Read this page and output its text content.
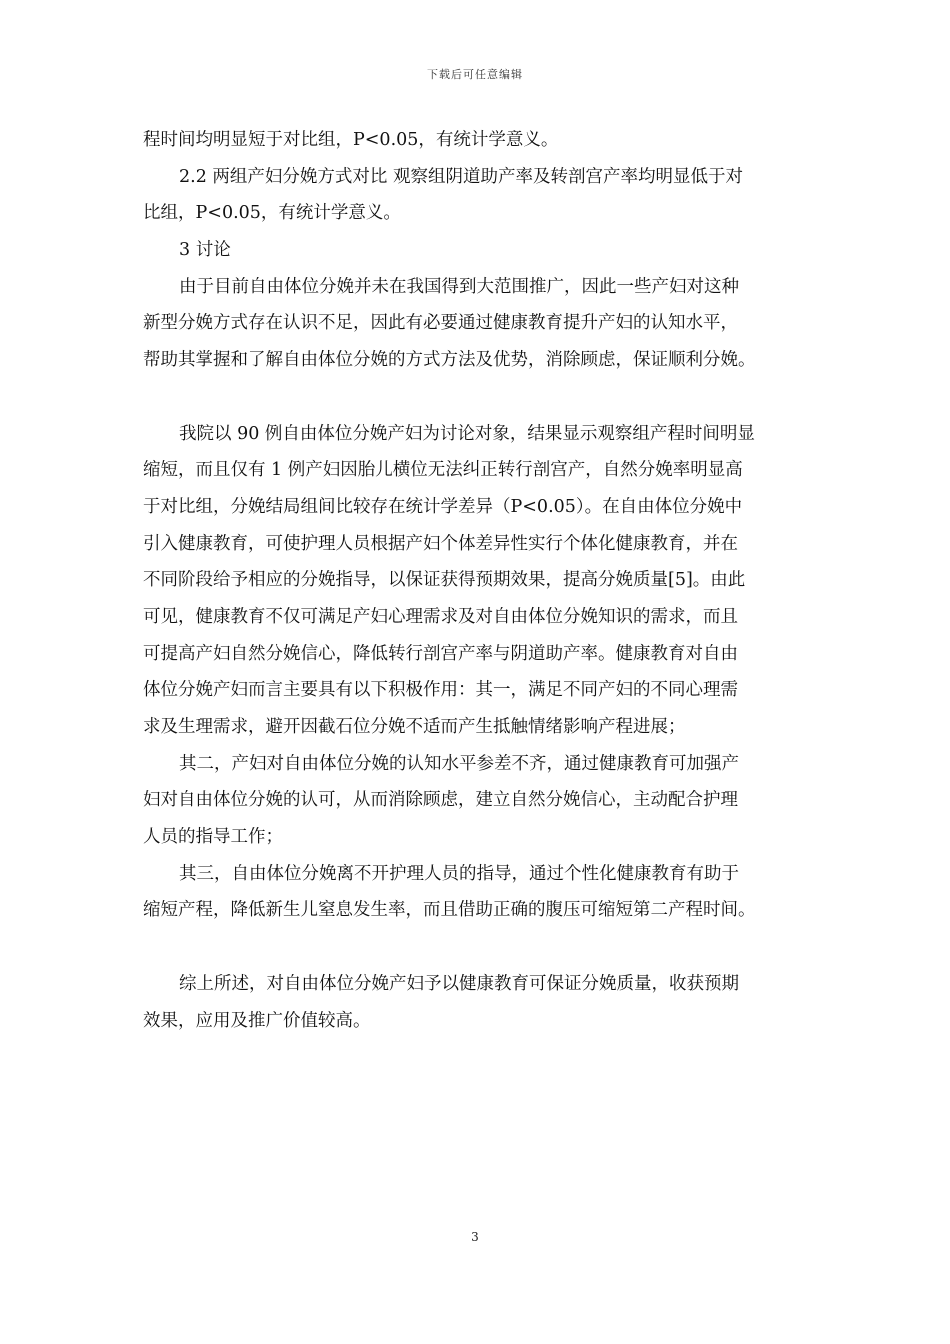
下载后可任意编辑
程时间均明显短于对比组，P<0.05，有统计学意义。
2.2 两组产妇分娩方式对比 观察组阴道助产率及转剖宫产率均明显低于对
比组，P<0.05，有统计学意义。
3 讨论
由于目前自由体位分娩并未在我国得到大范围推广，因此一些产妇对这种
新型分娩方式存在认识不足，因此有必要通过健康教育提升产妇的认知水平，
帮助其掌握和了解自由体位分娩的方式方法及优势，消除顾虑，保证顺利分娩。
我院以 90 例自由体位分娩产妇为讨论对象，结果显示观察组产程时间明显
缩短，而且仅有 1 例产妇因胎儿横位无法纠正转行剖宫产，自然分娩率明显高
于对比组，分娩结局组间比较存在统计学差异（P<0.05）。在自由体位分娩中
引入健康教育，可使护理人员根据产妇个体差异性实行个体化健康教育，并在
不同阶段给予相应的分娩指导，以保证获得预期效果，提高分娩质量[5]。由此
可见，健康教育不仅可满足产妇心理需求及对自由体位分娩知识的需求，而且
可提高产妇自然分娩信心，降低转行剖宫产率与阴道助产率。健康教育对自由
体位分娩产妇而言主要具有以下积极作用：其一，满足不同产妇的不同心理需
求及生理需求，避开因截石位分娩不适而产生抵触情绪影响产程进展；
其二，产妇对自由体位分娩的认知水平参差不齐，通过健康教育可加强产
妇对自由体位分娩的认可，从而消除顾虑，建立自然分娩信心，主动配合护理
人员的指导工作；
其三，自由体位分娩离不开护理人员的指导，通过个性化健康教育有助于
缩短产程，降低新生儿窒息发生率，而且借助正确的腹压可缩短第二产程时间。
综上所述，对自由体位分娩产妇予以健康教育可保证分娩质量，收获预期
效果，应用及推广价值较高。
3
